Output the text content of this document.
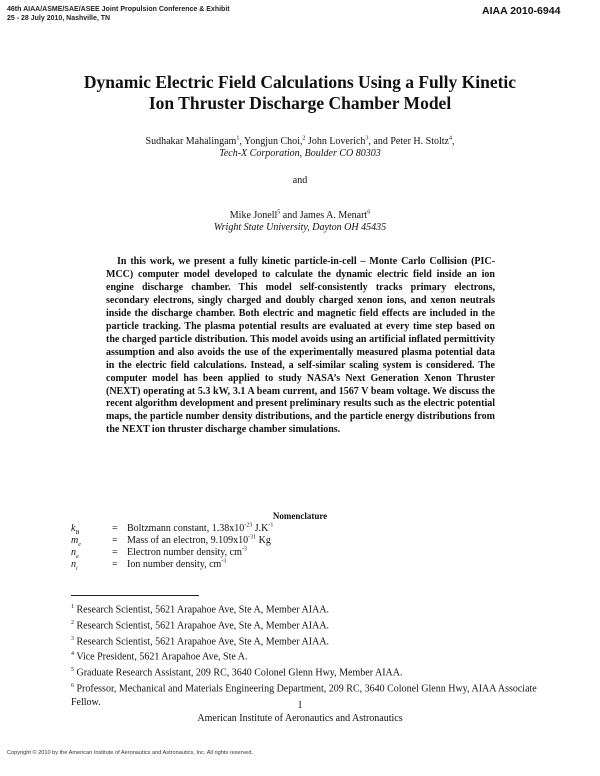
46th AIAA/ASME/SAE/ASEE Joint Propulsion Conference & Exhibit
25 - 28 July 2010, Nashville, TN
AIAA 2010-6944
Dynamic Electric Field Calculations Using a Fully Kinetic
Ion Thruster Discharge Chamber Model
Sudhakar Mahalingam$^1$, Yongjun Choi,$^2$ John Loverich$^3$, and Peter H. Stoltz$^4$,
Tech-X Corporation, Boulder CO 80303
and
Mike Jonell$^5$ and James A. Menart$^6$
Wright State University, Dayton OH 45435
In this work, we present a fully kinetic particle-in-cell – Monte Carlo Collision (PIC-MCC) computer model developed to calculate the dynamic electric field inside an ion engine discharge chamber. This model self-consistently tracks primary electrons, secondary electrons, singly charged and doubly charged xenon ions, and xenon neutrals inside the discharge chamber. Both electric and magnetic field effects are included in the particle tracking. The plasma potential results are evaluated at every time step based on the charged particle distribution. This model avoids using an artificial inflated permittivity assumption and also avoids the use of the experimentally measured plasma potential data in the electric field calculations. Instead, a self-similar scaling system is considered. The computer model has been applied to study NASA’s Next Generation Xenon Thruster (NEXT) operating at 5.3 kW, 3.1 A beam current, and 1567 V beam voltage. We discuss the recent algorithm development and present preliminary results such as the electric potential maps, the particle number density distributions, and the particle energy distributions from the NEXT ion thruster discharge chamber simulations.
Nomenclature
$k_B$	= Boltzmann constant, $1.38x10^{-23}$ $J.K^{-1}$
$m_e$	= Mass of an electron, $9.109x10^{-31}$ Kg
$n_e$	= Electron number density, $cm^{-3}$
$n_i$	= Ion number density, $cm^{-3}$
$^1$ Research Scientist, 5621 Arapahoe Ave, Ste A, Member AIAA.
$^2$ Research Scientist, 5621 Arapahoe Ave, Ste A, Member AIAA.
$^3$ Research Scientist, 5621 Arapahoe Ave, Ste A, Member AIAA.
$^4$ Vice President, 5621 Arapahoe Ave, Ste A.
$^5$ Graduate Research Assistant, 209 RC, 3640 Colonel Glenn Hwy, Member AIAA.
$^6$ Professor, Mechanical and Materials Engineering Department, 209 RC, 3640 Colonel Glenn Hwy, AIAA Associate Fellow.	1
American Institute of Aeronautics and Astronautics
Copyright © 2010 by the American Institute of Aeronautics and Astronautics, Inc. All rights reserved.
